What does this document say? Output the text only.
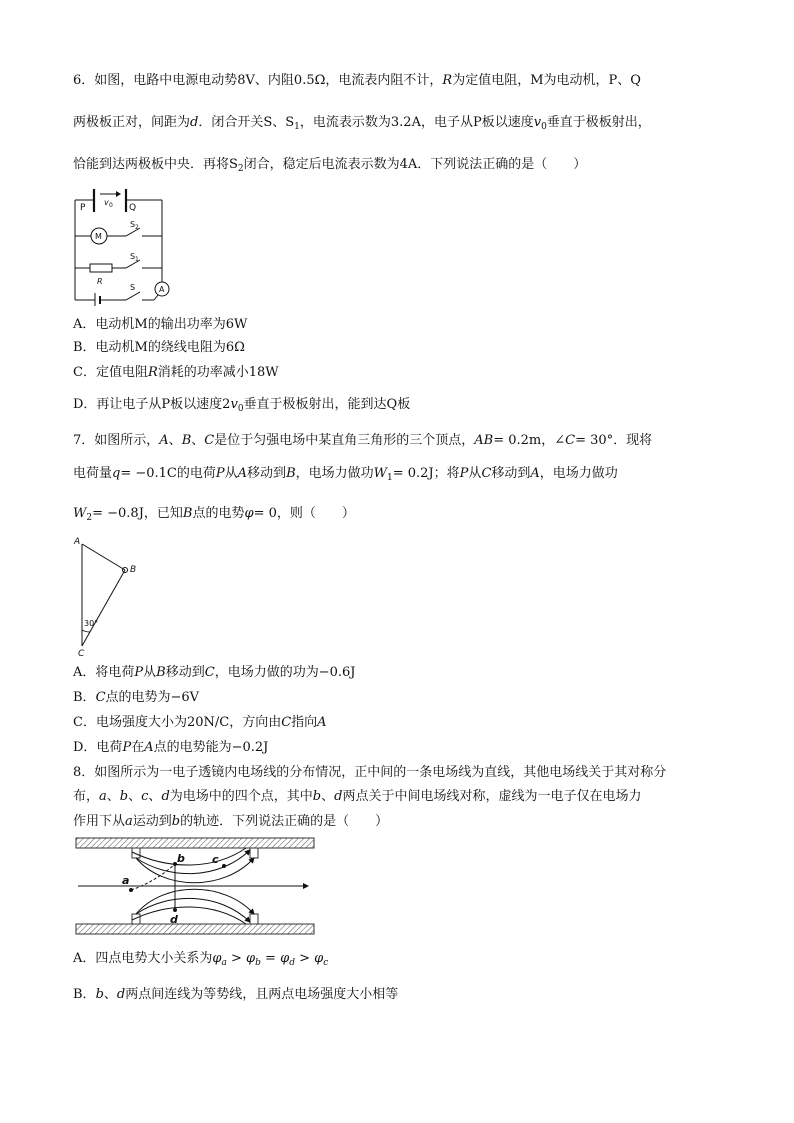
6．如图，电路中电源电动势8V、内阻0.5Ω，电流表内阻不计，R为定值电阻，M为电动机，P、Q
两极板正对，间距为d．闭合开关S、$S_1$，电流表示数为3.2A，电子从P板以速度$v_0$垂直于极板射出，
恰能到达两极板中央．再将$S_2$闭合，稳定后电流表示数为4A．下列说法正确的是（　　）
P	Q
v 0
M
S 2
S 1
R
S	A
A．电动机M的输出功率为6W
B．电动机M的绕线电阻为6Ω
C．定值电阻R消耗的功率减小18W
D．再让电子从P板以速度$2v_0$垂直于极板射出，能到达Q板
7．如图所示，A、B、C是位于匀强电场中某直角三角形的三个顶点，AB= 0.2m，∠C= 30°．现将
电荷量q= −0.1C的电荷P从A移动到B，电场力做功$W_1= 0.2J$；将P从C移动到A，电场力做功
$W_2= -0.8J$，已知B点的电势φ= 0，则（　　）
A
B
C
30°
A．将电荷P从B移动到C，电场力做的功为−0.6J
B．C点的电势为−6V
C．电场强度大小为20N/C，方向由C指向A
D．电荷P在A点的电势能为−0.2J
8．如图所示为一电子透镜内电场线的分布情况，正中间的一条电场线为直线，其他电场线关于其对称分
布，a、b、c、d为电场中的四个点，其中b、d两点关于中间电场线对称，虚线为一电子仅在电场力
作用下从a运动到b的轨迹．下列说法正确的是（　　）
a
b c
d
A．四点电势大小关系为$\varphi_a > \varphi_b = \varphi_d > \varphi_c$
B．b、d两点间连线为等势线，且两点电场强度大小相等
